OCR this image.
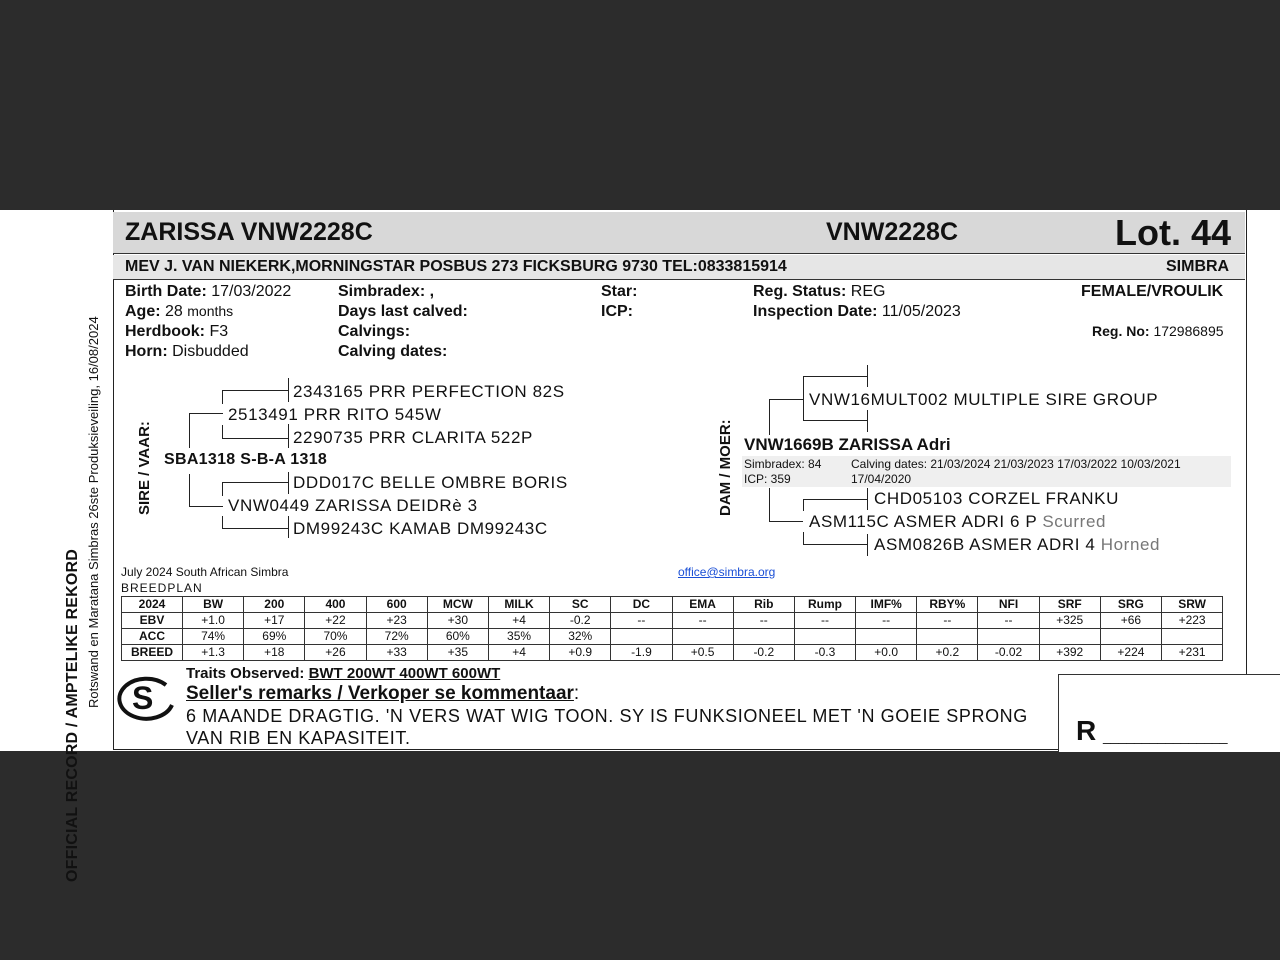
OFFICIAL RECORD / AMPTELIKE REKORD
Rotswand en Maratana Simbras 26ste Produksieveiling, 16/08/2024
ZARISSA VNW2228C	VNW2228C	Lot. 44
MEV J. VAN NIEKERK,MORNINGSTAR POSBUS 273 FICKSBURG 9730 TEL:0833815914	SIMBRA
Birth Date: 17/03/2022
Age: 28 months
Herdbook: F3
Horn: Disbudded
Simbradex: ,
Days last calved:
Calvings:
Calving dates:
Star:
ICP:
Reg. Status: REG
Inspection Date: 11/05/2023
FEMALE/VROULIK
Reg. No: 172986895
SIRE / VAAR: SBA1318 S-B-A 1318
2513491 PRR RITO 545W
2343165 PRR PERFECTION 82S
2290735 PRR CLARITA 522P
VNW0449 ZARISSA DEIDRè 3
DDD017C BELLE OMBRE BORIS
DM99243C KAMAB DM99243C
DAM / MOER:
VNW16MULT002 MULTIPLE SIRE GROUP
VNW1669B ZARISSA Adri
Simbradex: 84
ICP: 359
Calving dates: 21/03/2024 21/03/2023 17/03/2022 10/03/2021
17/04/2020
CHD05103 CORZEL FRANKU
ASM115C ASMER ADRI 6 P Scurred
ASM0826B ASMER ADRI 4 Horned
July 2024 South African Simbra
BREEDPLAN
office@simbra.org
2024	BW	200	400	600	MCW	MILK	SC	DC	EMA	Rib	Rump	IMF%	RBY%	NFI	SRF	SRG	SRW
EBV	+1.0	+17	+22	+23	+30	+4	-0.2	--	--	--	--	--	--	--	+325	+66	+223
ACC	74%	69%	70%	72%	60%	35%	32%										
BREED	+1.3	+18	+26	+33	+35	+4	+0.9	-1.9	+0.5	-0.2	-0.3	+0.0	+0.2	-0.02	+392	+224	+231
S
Traits Observed: BWT 200WT 400WT 600WT
Seller's remarks / Verkoper se kommentaar:
6 MAANDE DRAGTIG. 'N VERS WAT WIG TOON. SY IS FUNKSIONEEL MET 'N GOEIE SPRONG
VAN RIB EN KAPASITEIT.	R ________________
